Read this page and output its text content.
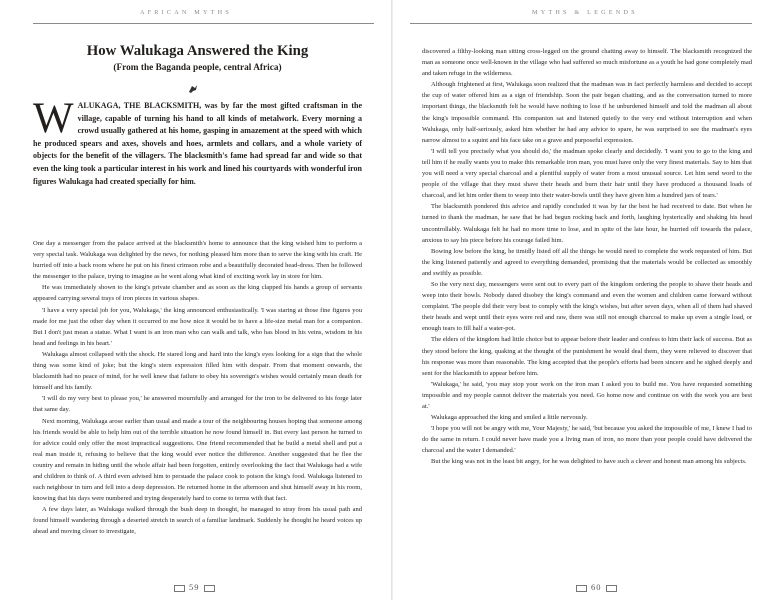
AFRICAN MYTHS
How Walukaga Answered the King
(From the Baganda people, central Africa)
WALUKAGA, THE BLACKSMITH, was by far the most gifted craftsman in the village, capable of turning his hand to all kinds of metalwork. Every morning a crowd usually gathered at his home, gasping in amazement at the speed with which he produced spears and axes, shovels and hoes, armlets and collars, and a whole variety of objects for the benefit of the villagers. The blacksmith's fame had spread far and wide so that even the king took a particular interest in his work and lined his courtyards with wonderful iron figures Walukaga had created specially for him.

One day a messenger from the palace arrived at the blacksmith's home to announce that the king wished him to perform a very special task. Walukaga was delighted by the news, for nothing pleased him more than to serve the king with his craft. He hurried off into a back room where he put on his finest crimson robe and a beautifully decorated head-dress. Then he followed the messenger to the palace, trying to imagine as he went along what kind of exciting work lay in store for him.

He was immediately shown to the king's private chamber and as soon as the king clapped his hands a group of servants appeared carrying several trays of iron pieces in various shapes.

'I have a very special job for you, Walukaga,' the king announced enthusiastically. 'I was staring at those fine figures you made for me just the other day when it occurred to me how nice it would be to have a life-size metal man for a companion. But I don't just mean a statue. What I want is an iron man who can walk and talk, who has blood in his veins, wisdom in his head and feelings in his heart.'

Walukaga almost collapsed with the shock. He stared long and hard into the king's eyes looking for a sign that the whole thing was some kind of joke; but the king's stern expression filled him with despair. From that moment onwards, the blacksmith had no peace of mind, for he well knew that failure to obey his sovereign's wishes would certainly mean death for himself and his family.

'I will do my very best to please you,' he answered mournfully and arranged for the iron to be delivered to his forge later that same day.

Next morning, Walukaga arose earlier than usual and made a tour of the neighbouring houses hoping that someone among his friends would be able to help him out of the terrible situation he now found himself in. But every last person he turned to for advice could only offer the most impractical suggestions. One friend recommended that he build a metal shell and put a real man inside it, refusing to believe that the king would ever notice the difference. Another suggested that he flee the country and remain in hiding until the whole affair had been forgotten, entirely overlooking the fact that Walukaga had a wife and children to think of. A third even advised him to persuade the palace cook to poison the king's food. Walukaga listened to each neighbour in turn and fell into a deep depression. He returned home in the afternoon and shut himself away in his room, knowing that his days were numbered and trying desperately hard to come to terms with that fact.

A few days later, as Walukaga walked through the bush deep in thought, he managed to stray from his usual path and found himself wandering through a deserted stretch in search of a familiar landmark. Suddenly he thought he heard voices up ahead and moving closer to investigate,

59
MYTHS & LEGENDS

discovered a filthy-looking man sitting cross-legged on the ground chatting away to himself. The blacksmith recognized the man as someone once well-known in the village who had suffered so much misfortune as a youth he had gone completely mad and taken refuge in the wilderness.

Although frightened at first, Walukaga soon realized that the madman was in fact perfectly harmless and decided to accept the cup of water offered him as a sign of friendship. Soon the pair began chatting, and as the conversation turned to more important things, the blacksmith felt he would have nothing to lose if he unburdened himself and told the madman all about the king's impossible command. His companion sat and listened quietly to the very end without interruption and when Walukaga, only half-seriously, asked him whether he had any advice to spare, he was surprised to see the madman's eyes narrow almost to a squint and his face take on a grave and purposeful expression.

'I will tell you precisely what you should do,' the madman spoke clearly and decidedly. 'I want you to go to the king and tell him if he really wants you to make this remarkable iron man, you must have only the very finest materials. Say to him that you will need a very special charcoal and a plentiful supply of water from a most unusual source. Let him send word to the people of the village that they must shave their heads and burn their hair until they have produced a thousand loads of charcoal, and let him order them to weep into their water-bowls until they have given him a hundred jars of tears.'

The blacksmith pondered this advice and rapidly concluded it was by far the best he had received to date. But when he turned to thank the madman, he saw that he had begun rocking back and forth, laughing hysterically and shaking his head uncontrollably. Walukaga felt he had no more time to lose, and in spite of the late hour, he hurried off towards the palace, anxious to say his piece before his courage failed him.

Bowing low before the king, he timidly listed off all the things he would need to complete the work requested of him. But the king listened patiently and agreed to everything demanded, promising that the materials would be collected as smoothly and swiftly as possible.

So the very next day, messengers were sent out to every part of the kingdom ordering the people to shave their heads and weep into their bowls. Nobody dared disobey the king's command and even the women and children came forward without complaint. The people did their very best to comply with the king's wishes, but after seven days, when all of them had shaved their heads and wept until their eyes were red and raw, there was still not enough charcoal to make up even a single load, or enough tears to fill half a water-pot.

The elders of the kingdom had little choice but to appear before their leader and confess to him their lack of success. But as they stood before the king, quaking at the thought of the punishment he would deal them, they were relieved to discover that his response was more than reasonable. The king accepted that the people's efforts had been sincere and he sighed deeply and sent for the blacksmith to appear before him.

'Walukaga,' he said, 'you may stop your work on the iron man I asked you to build me. You have requested something impossible and my people cannot deliver the materials you need. Go home now and continue on with the work you are best at.'

Walukaga approached the king and smiled a little nervously.

'I hope you will not be angry with me, Your Majesty,' he said, 'but because you asked the impossible of me, I knew I had to do the same in return. I could never have made you a living man of iron, no more than your people could have delivered the charcoal and the water I demanded.'

But the king was not in the least bit angry, for he was delighted to have such a clever and honest man among his subjects.

60
